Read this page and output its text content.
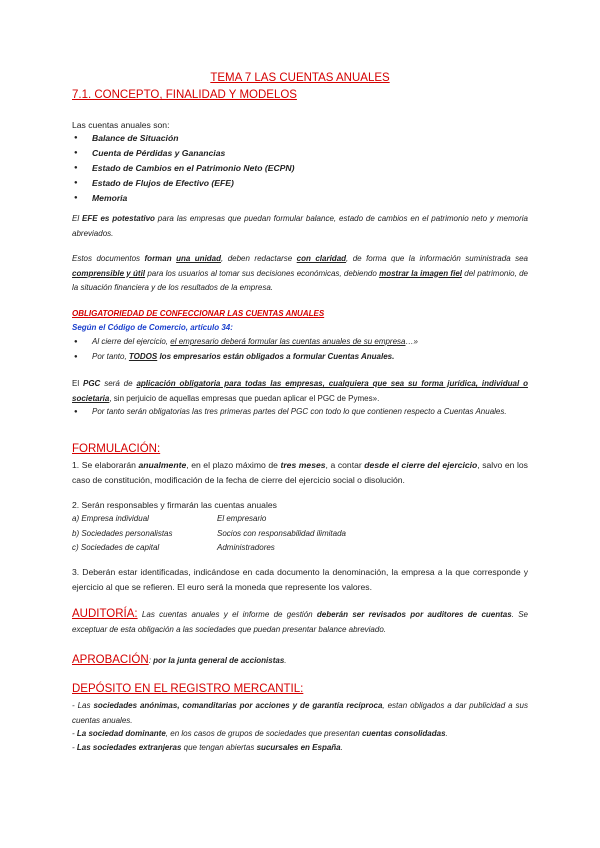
TEMA 7 LAS CUENTAS ANUALES
7.1. CONCEPTO, FINALIDAD Y MODELOS
Las cuentas anuales son:
● Balance de Situación
● Cuenta de Pérdidas y Ganancias
● Estado de Cambios en el Patrimonio Neto (ECPN)
● Estado de Flujos de Efectivo (EFE)
● Memoria
El EFE es potestativo para las empresas que puedan formular balance, estado de cambios en el patrimonio neto y memoria abreviados.
Estos documentos forman una unidad, deben redactarse con claridad, de forma que la información suministrada sea comprensible y útil para los usuarios al tomar sus decisiones económicas, debiendo mostrar la imagen fiel del patrimonio, de la situación financiera y de los resultados de la empresa.
OBLIGATORIEDAD DE CONFECCIONAR LAS CUENTAS ANUALES
Según el Código de Comercio, artículo 34:
● Al cierre del ejercicio, el empresario deberá formular las cuentas anuales de su empresa…»
● Por tanto, TODOS los empresarios están obligados a formular Cuentas Anuales.
El PGC será de aplicación obligatoria para todas las empresas, cualquiera que sea su forma jurídica, individual o societaria, sin perjuicio de aquellas empresas que puedan aplicar el PGC de Pymes».
● Por tanto serán obligatorias las tres primeras partes del PGC con todo lo que contienen respecto a Cuentas Anuales.
FORMULACIÓN:
1. Se elaborarán anualmente, en el plazo máximo de tres meses, a contar desde el cierre del ejercicio, salvo en los caso de constitución, modificación de la fecha de cierre del ejercicio social o disolución.
2. Serán responsables y firmarán las cuentas anuales
a) Empresa individual	El empresario
b) Sociedades personalistas	Socios con responsabilidad ilimitada
c) Sociedades de capital	Administradores
3. Deberán estar identificadas, indicándose en cada documento la denominación, la empresa a la que corresponde y ejercicio al que se refieren. El euro será la moneda que represente los valores.
AUDITORÍA: Las cuentas anuales y el informe de gestión deberán ser revisados por auditores de cuentas. Se exceptuar de esta obligación a las sociedades que puedan presentar balance abreviado.
APROBACIÓN: por la junta general de accionistas.
DEPÓSITO EN EL REGISTRO MERCANTIL:
- Las sociedades anónimas, comanditarias por acciones y de garantía recíproca, estan obligados a dar publicidad a sus cuentas anuales.
- La sociedad dominante, en los casos de grupos de sociedades que presentan cuentas consolidadas.
- Las sociedades extranjeras que tengan abiertas sucursales en España.
